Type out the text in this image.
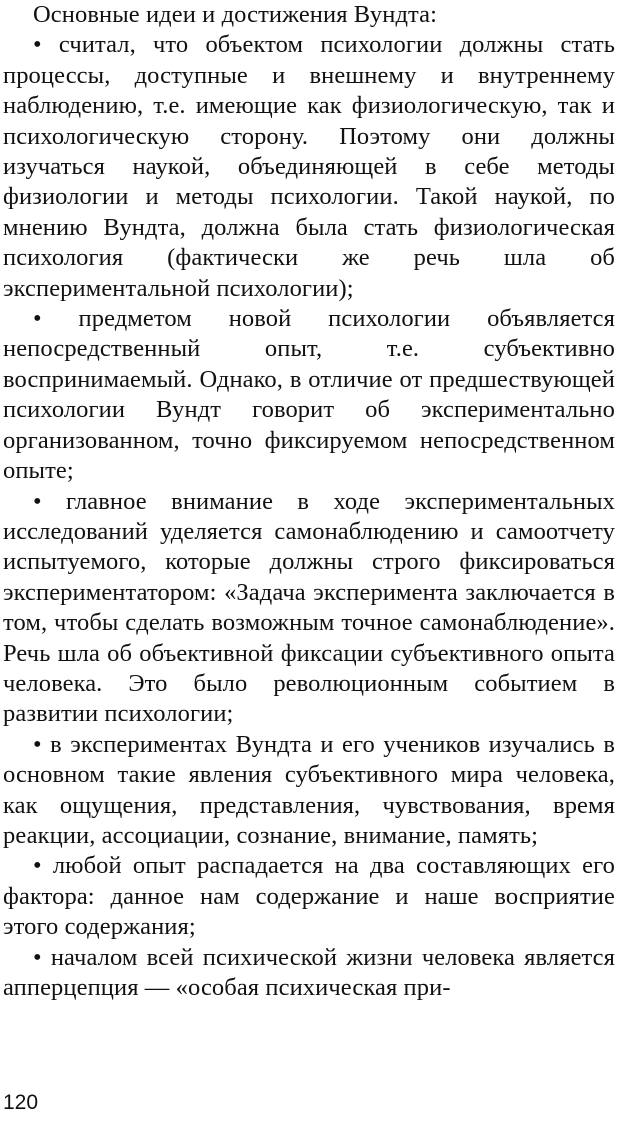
Основные идеи и достижения Вундта:

• считал, что объектом психологии должны стать процессы, доступные и внешнему и внутреннему наблюдению, т.е. имеющие как физиологическую, так и психологическую сторону. Поэтому они должны изучаться наукой, объединяющей в себе методы физиологии и методы психологии. Такой наукой, по мнению Вундта, должна была стать физиологическая психология (фактически же речь шла об экспериментальной психологии);

• предметом новой психологии объявляется непосредственный опыт, т.е. субъективно воспринимаемый. Однако, в отличие от предшествующей психологии Вундт говорит об экспериментально организованном, точно фиксируемом непосредственном опыте;

• главное внимание в ходе экспериментальных исследований уделяется самонаблюдению и самоотчету испытуемого, которые должны строго фиксироваться экспериментатором: «Задача эксперимента заключается в том, чтобы сделать возможным точное самонаблюдение». Речь шла об объективной фиксации субъективного опыта человека. Это было революционным событием в развитии психологии;

• в экспериментах Вундта и его учеников изучались в основном такие явления субъективного мира человека, как ощущения, представления, чувствования, время реакции, ассоциации, сознание, внимание, память;

• любой опыт распадается на два составляющих его фактора: данное нам содержание и наше восприятие этого содержания;

• началом всей психической жизни человека является апперцепция — «особая психическая при-

120
